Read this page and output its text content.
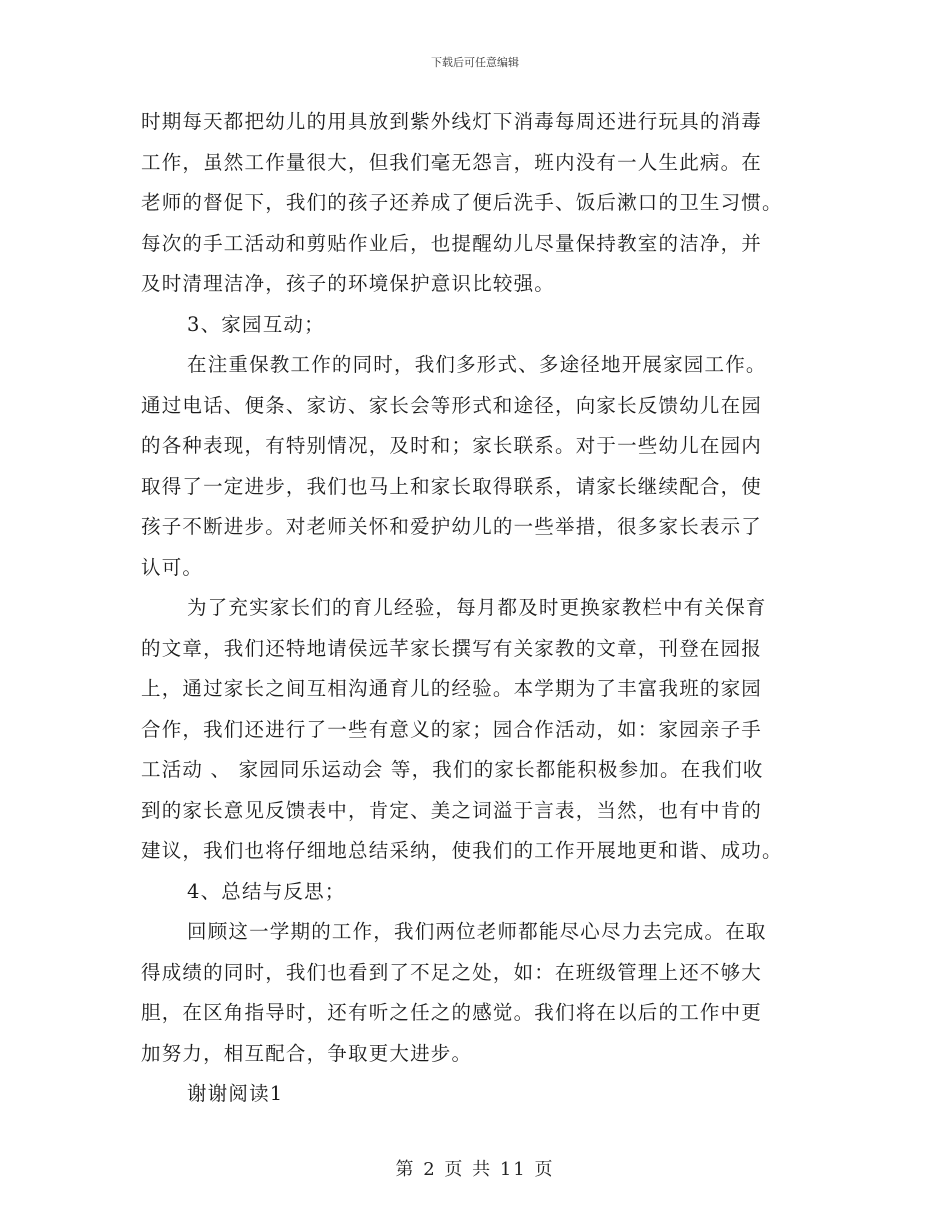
下载后可任意编辑
时期每天都把幼儿的用具放到紫外线灯下消毒每周还进行玩具的消毒
工作，虽然工作量很大，但我们毫无怨言，班内没有一人生此病。在
老师的督促下，我们的孩子还养成了便后洗手、饭后漱口的卫生习惯。
每次的手工活动和剪贴作业后，也提醒幼儿尽量保持教室的洁净，并
及时清理洁净，孩子的环境保护意识比较强。
3、家园互动；
在注重保教工作的同时，我们多形式、多途径地开展家园工作。
通过电话、便条、家访、家长会等形式和途径，向家长反馈幼儿在园
的各种表现，有特别情况，及时和；家长联系。对于一些幼儿在园内
取得了一定进步，我们也马上和家长取得联系，请家长继续配合，使
孩子不断进步。对老师关怀和爱护幼儿的一些举措，很多家长表示了
认可。
为了充实家长们的育儿经验，每月都及时更换家教栏中有关保育
的文章，我们还特地请侯远芊家长撰写有关家教的文章，刊登在园报
上，通过家长之间互相沟通育儿的经验。本学期为了丰富我班的家园
合作，我们还进行了一些有意义的家；园合作活动，如：家园亲子手
工活动 、 家园同乐运动会 等，我们的家长都能积极参加。在我们收
到的家长意见反馈表中，肯定、美之词溢于言表，当然，也有中肯的
建议，我们也将仔细地总结采纳，使我们的工作开展地更和谐、成功。
4、总结与反思；
回顾这一学期的工作，我们两位老师都能尽心尽力去完成。在取
得成绩的同时，我们也看到了不足之处，如：在班级管理上还不够大
胆，在区角指导时，还有听之任之的感觉。我们将在以后的工作中更
加努力，相互配合，争取更大进步。
谢谢阅读1
第 2 页 共 11 页
